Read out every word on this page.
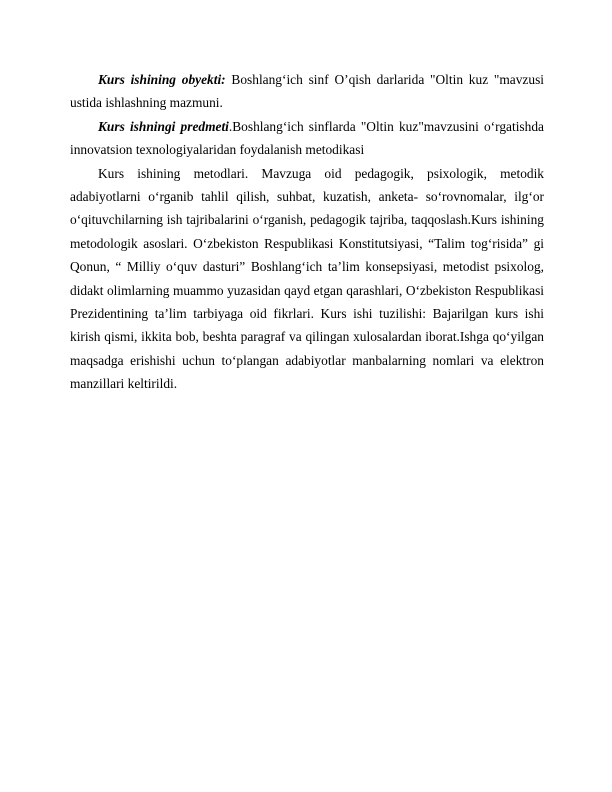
Kurs ishining obyekti: Boshlang‘ich sinf O’qish darlarida "Oltin kuz "mavzusi ustida ishlashning mazmuni.

Kurs ishningi predmeti.Boshlang‘ich sinflarda "Oltin kuz"mavzusini o‘rgatishda innovatsion texnologiyalaridan foydalanish metodikasi

Kurs ishining metodlari. Mavzuga oid pedagogik, psixologik, metodik adabiyotlarni o‘rganib tahlil qilish, suhbat, kuzatish, anketa- so‘rovnomalar, ilg‘or o‘qituvchilarning ish tajribalarini o‘rganish, pedagogik tajriba, taqqoslash.Kurs ishining metodologik asoslari. O‘zbekiston Respublikasi Konstitutsiyasi, “Talim tog‘risida” gi Qonun, “ Milliy o‘quv dasturi” Boshlang‘ich ta’lim konsepsiyasi, metodist psixolog, didakt olimlarning muammo yuzasidan qayd etgan qarashlari, O‘zbekiston Respublikasi Prezidentining ta’lim tarbiyaga oid fikrlari. Kurs ishi tuzilishi: Bajarilgan kurs ishi kirish qismi, ikkita bob, beshta paragraf va qilingan xulosalardan iborat.Ishga qo‘yilgan maqsadga erishishi uchun to‘plangan adabiyotlar manbalarning nomlari va elektron manzillari keltirildi.
